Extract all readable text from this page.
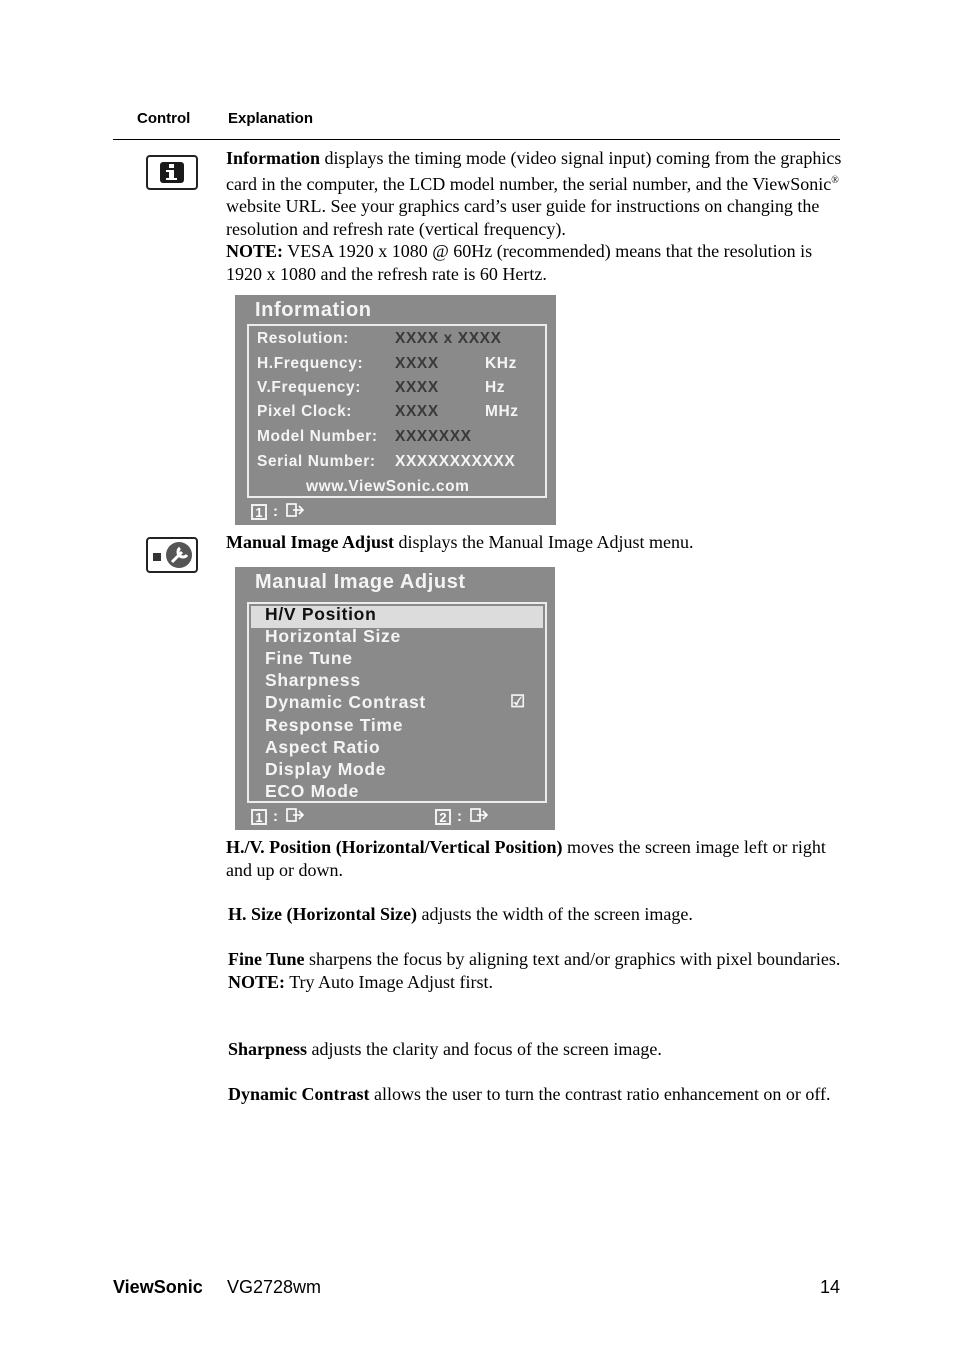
Control	Explanation
Information displays the timing mode (video signal input) coming from the graphics card in the computer, the LCD model number, the serial number, and the ViewSonic® website URL. See your graphics card’s user guide for instructions on changing the resolution and refresh rate (vertical frequency).
NOTE: VESA 1920 x 1080 @ 60Hz (recommended) means that the resolution is 1920 x 1080 and the refresh rate is 60 Hertz.
Information
Resolution:	XXXX x XXXX
H.Frequency: XXXX	KHz
V.Frequency: XXXX	Hz
Pixel Clock:	XXXX	MHz
Model Number: XXXXXXX
Serial Number: XXXXXXXXXXX
www.ViewSonic.com
1 :
Manual Image Adjust displays the Manual Image Adjust menu.
Manual Image Adjust
H/V Position
Horizontal Size
Fine Tune
Sharpness
Dynamic Contrast	☑
Response Time
Aspect Ratio
Display Mode
ECO Mode
1 :	2 :
H./V. Position (Horizontal/Vertical Position) moves the screen image left or right and up or down.
H. Size (Horizontal Size) adjusts the width of the screen image.
Fine Tune sharpens the focus by aligning text and/or graphics with pixel boundaries.
NOTE: Try Auto Image Adjust first.
Sharpness adjusts the clarity and focus of the screen image.
Dynamic Contrast allows the user to turn the contrast ratio enhancement on or off.
ViewSonic VG2728wm	14
